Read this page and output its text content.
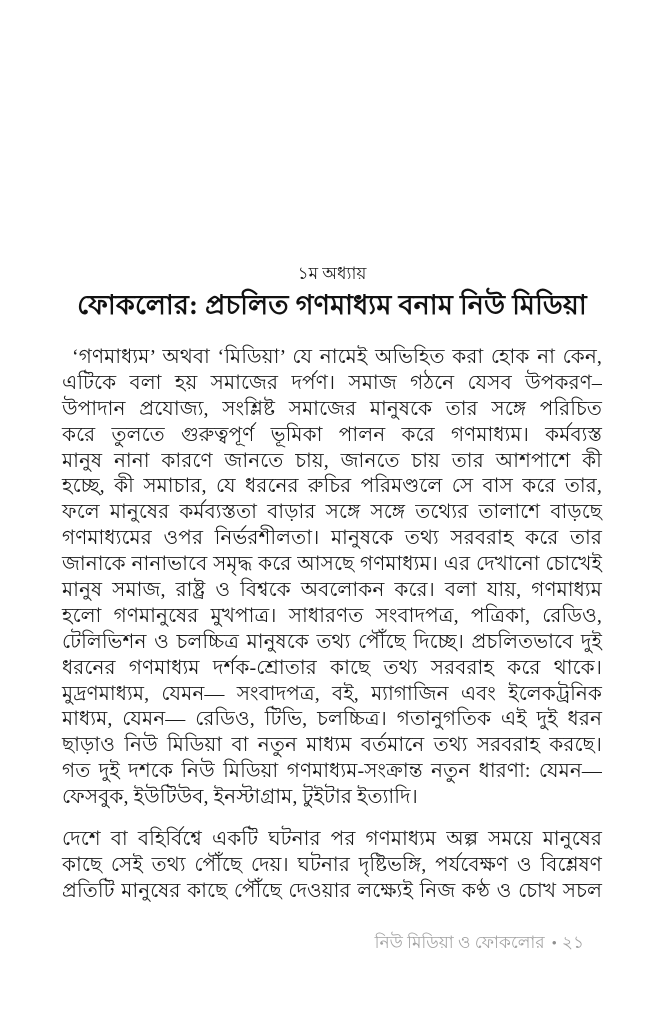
১ম অধ্যায়
ফোকলোর: প্রচলিত গণমাধ্যম বনাম নিউ মিডিয়া
‘গণমাধ্যম’ অথবা ‘মিডিয়া’ যে নামেই অভিহিত করা হোক না কেন,
এটিকে বলা হয় সমাজের দর্পণ। সমাজ গঠনে যেসব উপকরণ–
উপাদান প্রযোজ্য, সংশ্লিষ্ট সমাজের মানুষকে তার সঙ্গে পরিচিত
করে তুলতে গুরুত্বপূর্ণ ভূমিকা পালন করে গণমাধ্যম। কর্মব্যস্ত
মানুষ নানা কারণে জানতে চায়, জানতে চায় তার আশপাশে কী
হচ্ছে, কী সমাচার, যে ধরনের রুচির পরিমণ্ডলে সে বাস করে তার,
ফলে মানুষের কর্মব্যস্ততা বাড়ার সঙ্গে সঙ্গে তথ্যের তালাশে বাড়ছে
গণমাধ্যমের ওপর নির্ভরশীলতা। মানুষকে তথ্য সরবরাহ করে তার
জানাকে নানাভাবে সমৃদ্ধ করে আসছে গণমাধ্যম। এর দেখানো চোখেই
মানুষ সমাজ, রাষ্ট্র ও বিশ্বকে অবলোকন করে। বলা যায়, গণমাধ্যম
হলো গণমানুষের মুখপাত্র। সাধারণত সংবাদপত্র, পত্রিকা, রেডিও,
টেলিভিশন ও চলচ্চিত্র মানুষকে তথ্য পৌঁছে দিচ্ছে। প্রচলিতভাবে দুই
ধরনের গণমাধ্যম দর্শক-শ্রোতার কাছে তথ্য সরবরাহ করে থাকে।
মুদ্রণমাধ্যম, যেমন— সংবাদপত্র, বই, ম্যাগাজিন এবং ইলেকট্রনিক
মাধ্যম, যেমন— রেডিও, টিভি, চলচ্চিত্র। গতানুগতিক এই দুই ধরন
ছাড়াও নিউ মিডিয়া বা নতুন মাধ্যম বর্তমানে তথ্য সরবরাহ করছে।
গত দুই দশকে নিউ মিডিয়া গণমাধ্যম-সংক্রান্ত নতুন ধারণা: যেমন—
ফেসবুক, ইউটিউব, ইনস্টাগ্রাম, টুইটার ইত্যাদি।
দেশে বা বহির্বিশ্বে একটি ঘটনার পর গণমাধ্যম অল্প সময়ে মানুষের
কাছে সেই তথ্য পৌঁছে দেয়। ঘটনার দৃষ্টিভঙ্গি, পর্যবেক্ষণ ও বিশ্লেষণ
প্রতিটি মানুষের কাছে পৌঁছে দেওয়ার লক্ষ্যেই নিজ কণ্ঠ ও চোখ সচল
নিউ মিডিয়া ও ফোকলোর • ২১
